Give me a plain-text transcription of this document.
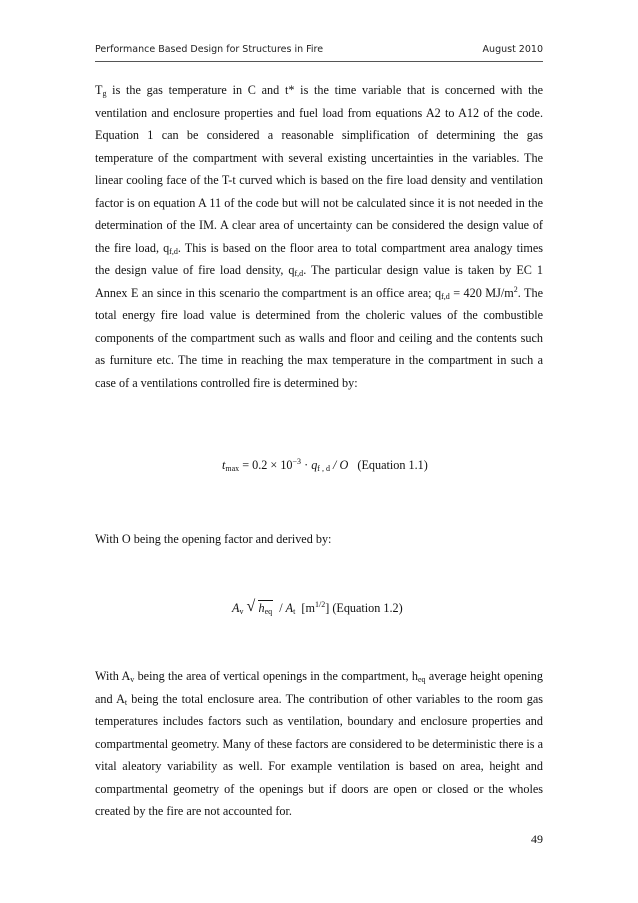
Performance Based Design for Structures in Fire	August 2010

$T_g$ is the gas temperature in C and t* is the time variable that is concerned with the ventilation and enclosure properties and fuel load from equations A2 to A12 of the code. Equation 1 can be considered a reasonable simplification of determining the gas temperature of the compartment with several existing uncertainties in the variables. The linear cooling face of the T-t curved which is based on the fire load density and ventilation factor is on equation A 11 of the code but will not be calculated since it is not needed in the determination of the IM. A clear area of uncertainty can be considered the design value of the fire load, $q_{f,d}$. This is based on the floor area to total compartment area analogy times the design value of fire load density, $q_{f,d}$. The particular design value is taken by EC 1 Annex E an since in this scenario the compartment is an office area; $q_{f,d} = 420$ $MJ/m^2$. The total energy fire load value is determined from the choleric values of the combustible components of the compartment such as walls and floor and ceiling and the contents such as furniture etc. The time in reaching the max temperature in the compartment in such a case of a ventilations controlled fire is determined by:

$t_{max} = 0.2 \times 10^{-3} \cdot q_{f , d} / O$ (Equation 1.1)

With O being the opening factor and derived by:

$A_v$ √ $h_{eq} / A_t$ $[m^{1/2}]$ (Equation 1.2)

With $A_v$ being the area of vertical openings in the compartment, $h_{eq}$ average height opening and $A_t$ being the total enclosure area. The contribution of other variables to the room gas temperatures includes factors such as ventilation, boundary and enclosure properties and compartmental geometry. Many of these factors are considered to be deterministic there is a vital aleatory variability as well. For example ventilation is based on area, height and compartmental geometry of the openings but if doors are open or closed or the wholes created by the fire are not accounted for.

49
